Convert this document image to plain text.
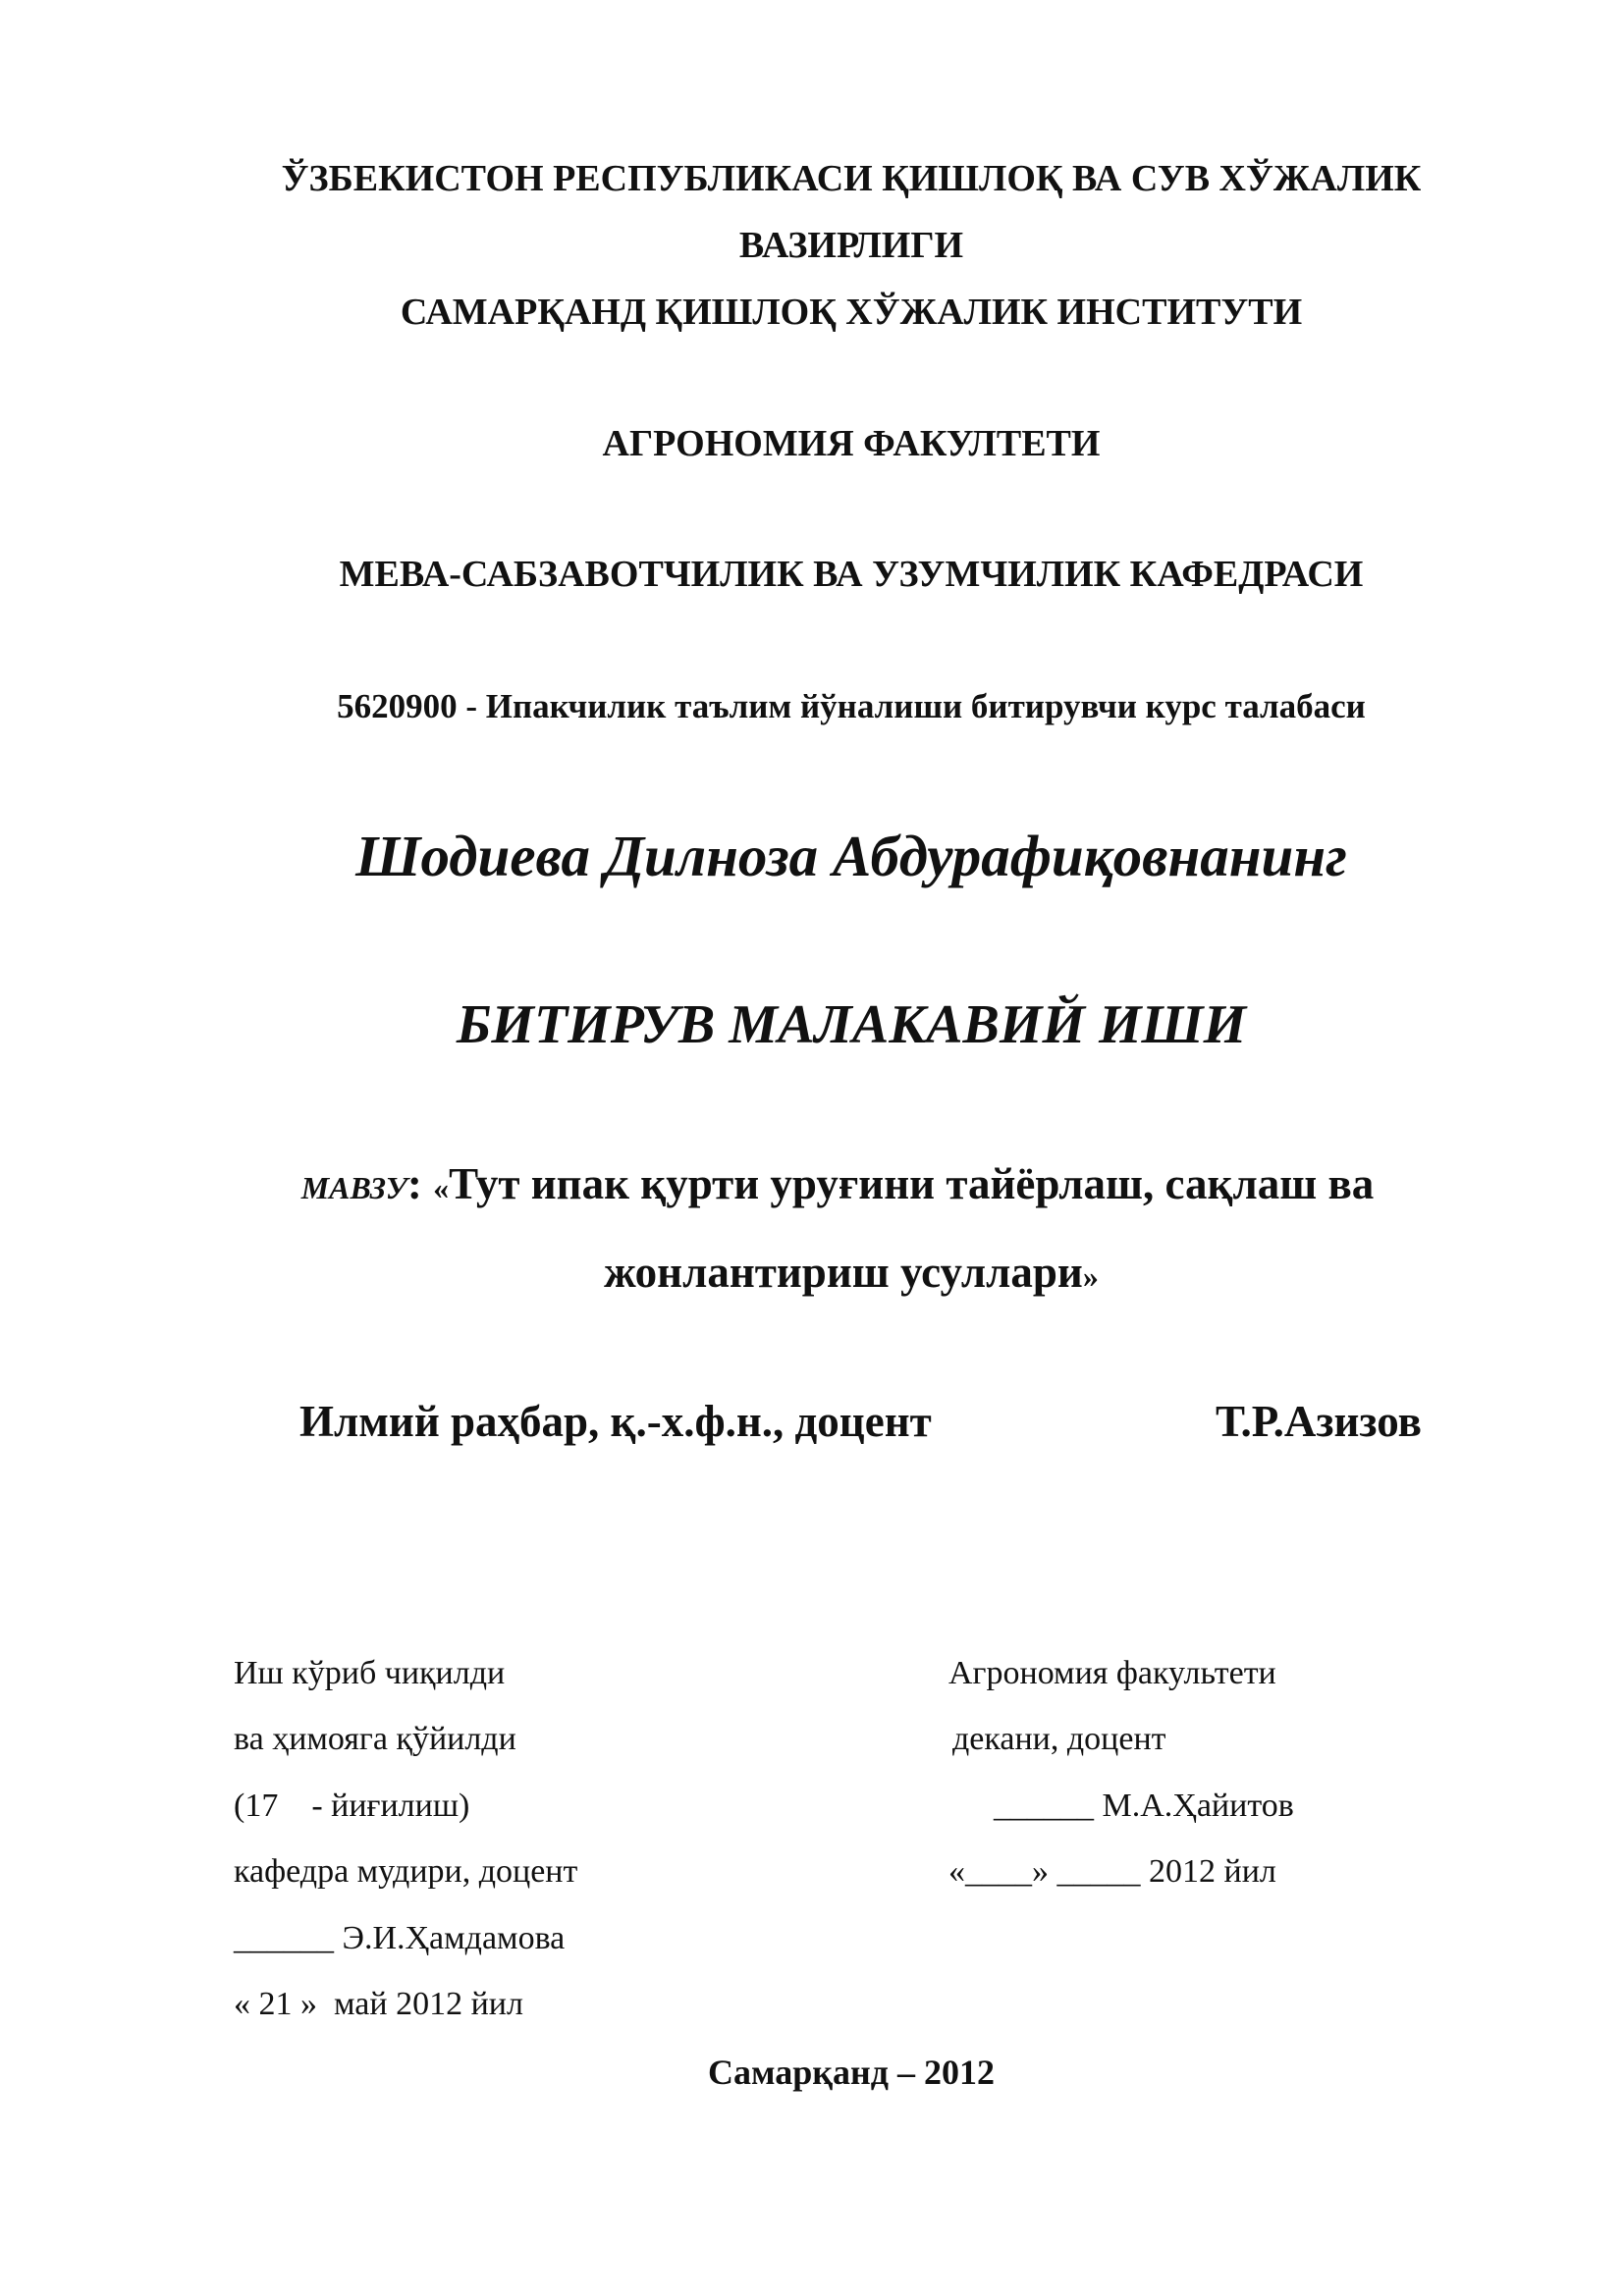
ЎЗБЕКИСТОН РЕСПУБЛИКАСИ ҚИШЛОҚ ВА СУВ ХЎЖАЛИК
ВАЗИРЛИГИ
САМАРҚАНД ҚИШЛОҚ ХЎЖАЛИК ИНСТИТУТИ
АГРОНОМИЯ ФАКУЛТЕТИ
МЕВА-САБЗАВОТЧИЛИК ВА УЗУМЧИЛИК КАФЕДРАСИ
5620900 - Ипакчилик таълим йўналиши битирувчи курс талабаси
Шодиева Дилноза Абдурафиқовнанинг
БИТИРУВ МАЛАКАВИЙ ИШИ
МАВЗУ: «Тут ипак қурти уруғини тайёрлаш, сақлаш ва
жонлантириш усуллари»
Илмий раҳбар, қ.-х.ф.н., доцент	Т.Р.Азизов
Иш кўриб чиқилди
ва ҳимояга қўйилди
(17    - йиғилиш)
кафедра мудири, доцент
______ Э.И.Ҳамдамова
« 21 »  май 2012 йил
Агрономия факультети
декани, доцент
______ М.А.Ҳайитов
«____» _____ 2012 йил
Самарқанд – 2012
